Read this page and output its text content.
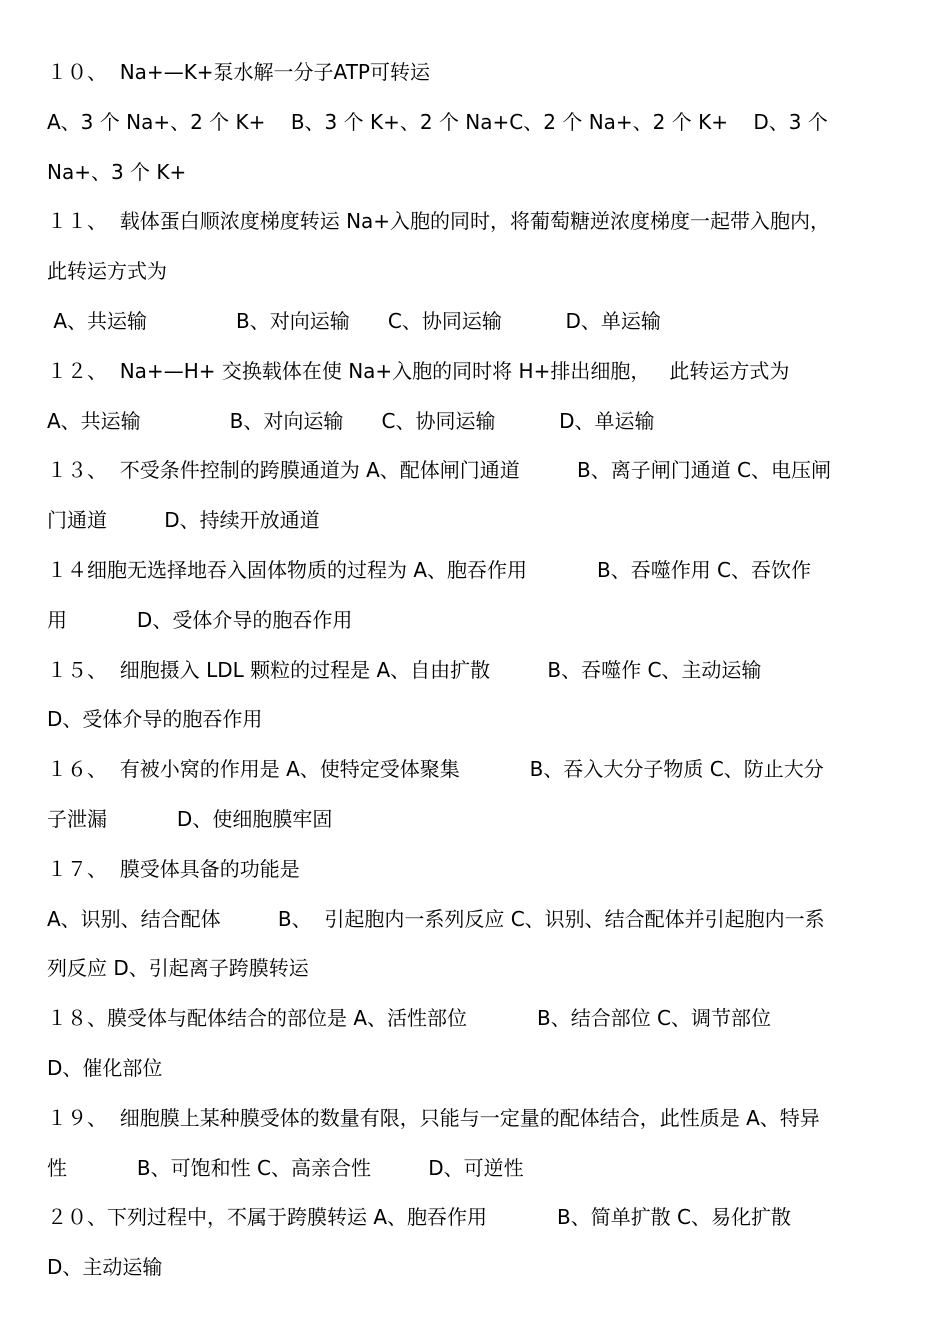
１０、  Na+—K+泵水解一分子ATP可转运
A、3 个 Na+、2 个 K+    B、3 个 K+、2 个 Na+C、2 个 Na+、2 个 K+    D、3 个
Na+、3 个 K+
１１、  载体蛋白顺浓度梯度转运 Na+入胞的同时，将葡萄糖逆浓度梯度一起带入胞内，
此转运方式为
A、共运输              B、对向运输      C、协同运输          D、单运输
１２、  Na+—H+ 交换载体在使 Na+入胞的同时将 H+排出细胞，   此转运方式为
A、共运输              B、对向运输      C、协同运输          D、单运输
１３、  不受条件控制的跨膜通道为 A、配体闸门通道         B、离子闸门通道 C、电压闸
门通道         D、持续开放通道
１４细胞无选择地吞入固体物质的过程为 A、胞吞作用           B、吞噬作用 C、吞饮作
用           D、受体介导的胞吞作用
１５、  细胞摄入 LDL 颗粒的过程是 A、自由扩散         B、吞噬作 C、主动运输
D、受体介导的胞吞作用
１６、  有被小窝的作用是 A、使特定受体聚集           B、吞入大分子物质 C、防止大分
子泄漏           D、使细胞膜牢固
１７、  膜受体具备的功能是
A、识别、结合配体         B、  引起胞内一系列反应 C、识别、结合配体并引起胞内一系
列反应 D、引起离子跨膜转运
１８、膜受体与配体结合的部位是 A、活性部位           B、结合部位 C、调节部位
D、催化部位
１９、  细胞膜上某种膜受体的数量有限，只能与一定量的配体结合，此性质是 A、特异
性           B、可饱和性 C、高亲合性         D、可逆性
２０、下列过程中，不属于跨膜转运 A、胞吞作用           B、简单扩散 C、易化扩散
D、主动运输
